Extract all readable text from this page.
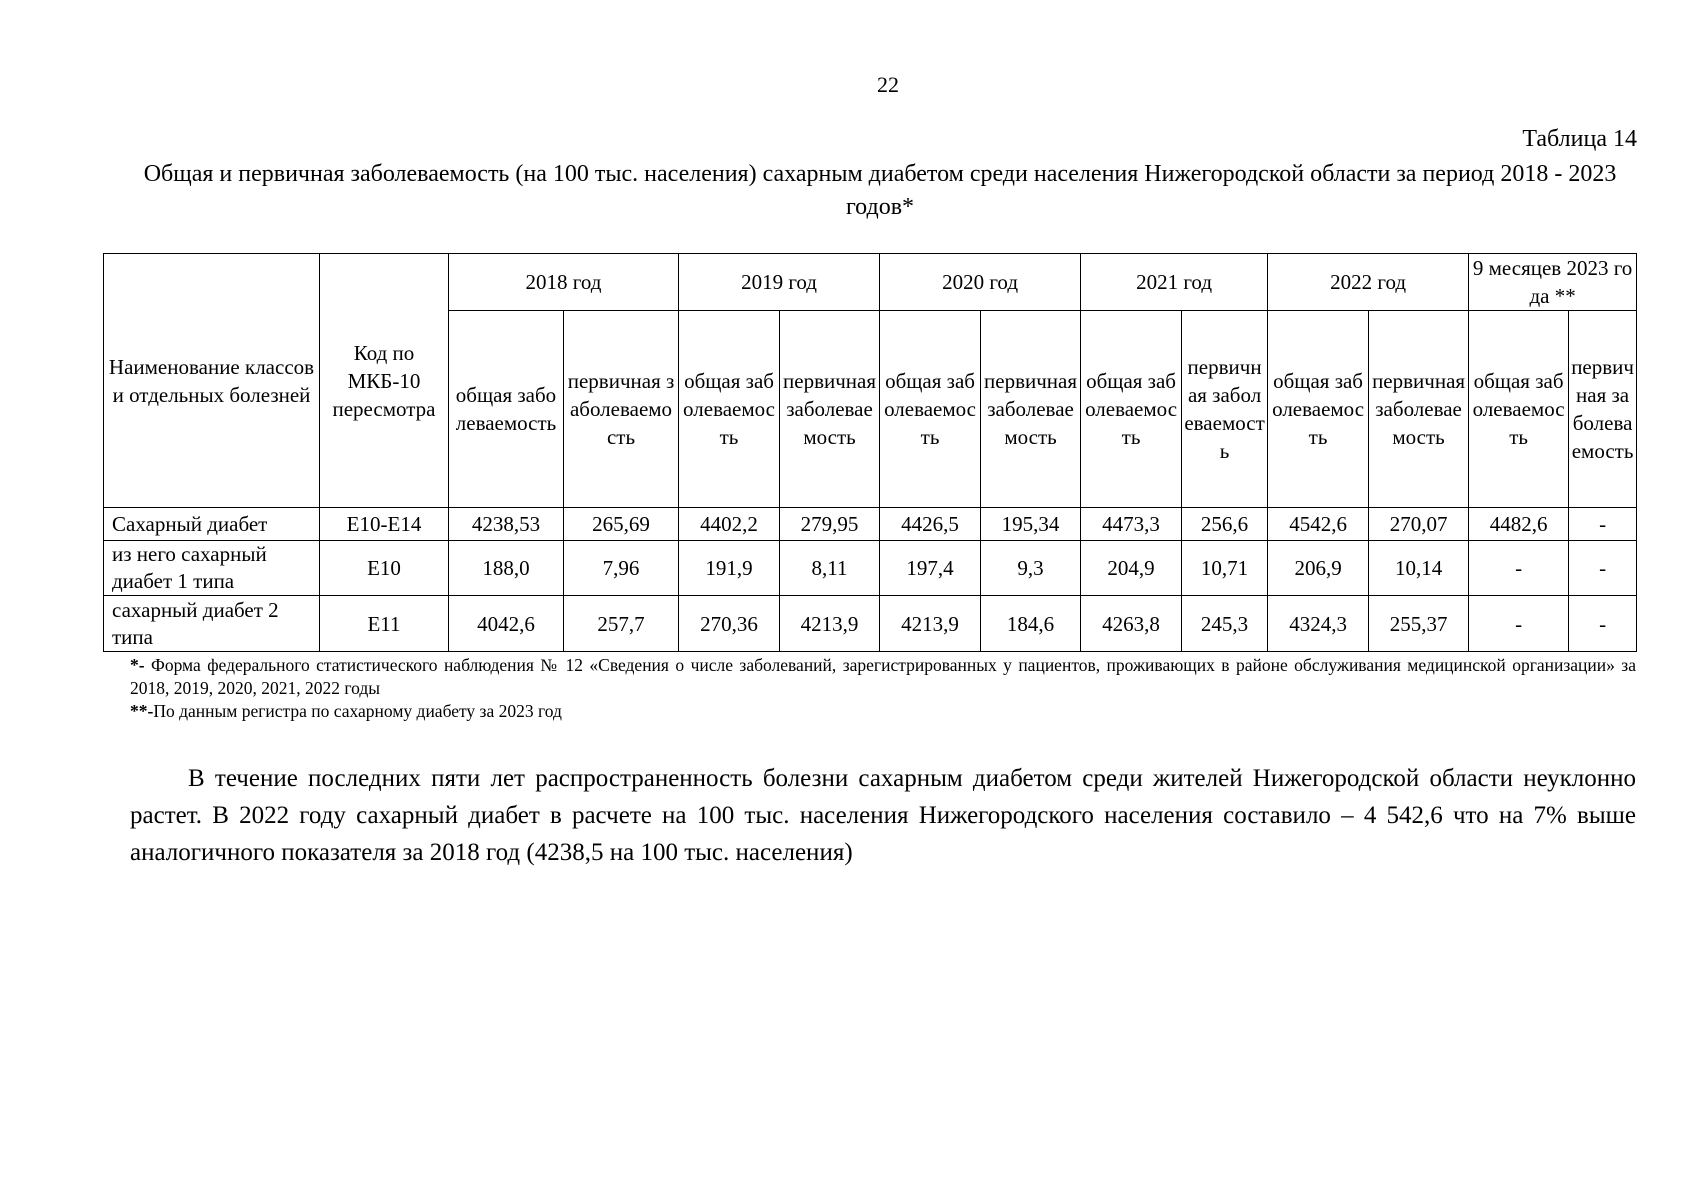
22
Таблица 14
Общая и первичная заболеваемость (на 100 тыс. населения) сахарным диабетом среди населения Нижегородской области за период 2018 - 2023 годов*
Наименование классов и отдельных болезней	Код по МКБ-10 пересмотра	2018 год		2019 год		2020 год		2021 год		2022 год		9 месяцев 2023 года **	
		общая заболеваемость	первичная заболеваемость	общая заболеваемость	первичная заболеваемость	общая заболеваемость	первичная заболеваемость	общая заболеваемость	первичная заболеваемость	общая заболеваемость	первичная заболеваемость	общая заболеваемость	первичная заболеваемость
Сахарный диабет	Е10-Е14	4238,53	265,69	4402,2	279,95	4426,5	195,34	4473,3	256,6	4542,6	270,07	4482,6	-
из него сахарный диабет 1 типа	Е10	188,0	7,96	191,9	8,11	197,4	9,3	204,9	10,71	206,9	10,14	-	-
сахарный диабет 2 типа	Е11	4042,6	257,7	270,36	4213,9	4213,9	184,6	4263,8	245,3	4324,3	255,37	-	-

*- Форма федерального статистического наблюдения № 12 «Сведения о числе заболеваний, зарегистрированных у пациентов, проживающих в районе обслуживания медицинской организации» за 2018, 2019, 2020, 2021, 2022 годы

**-По данным регистра по сахарному диабету за 2023 год

В течение последних пяти лет распространенность болезни сахарным диабетом среди жителей Нижегородской области неуклонно растет. В 2022 году сахарный диабет в расчете на 100 тыс. населения Нижегородского населения составило – 4 542,6 что на 7% выше аналогичного показателя за 2018 год (4238,5 на 100 тыс. населения)
